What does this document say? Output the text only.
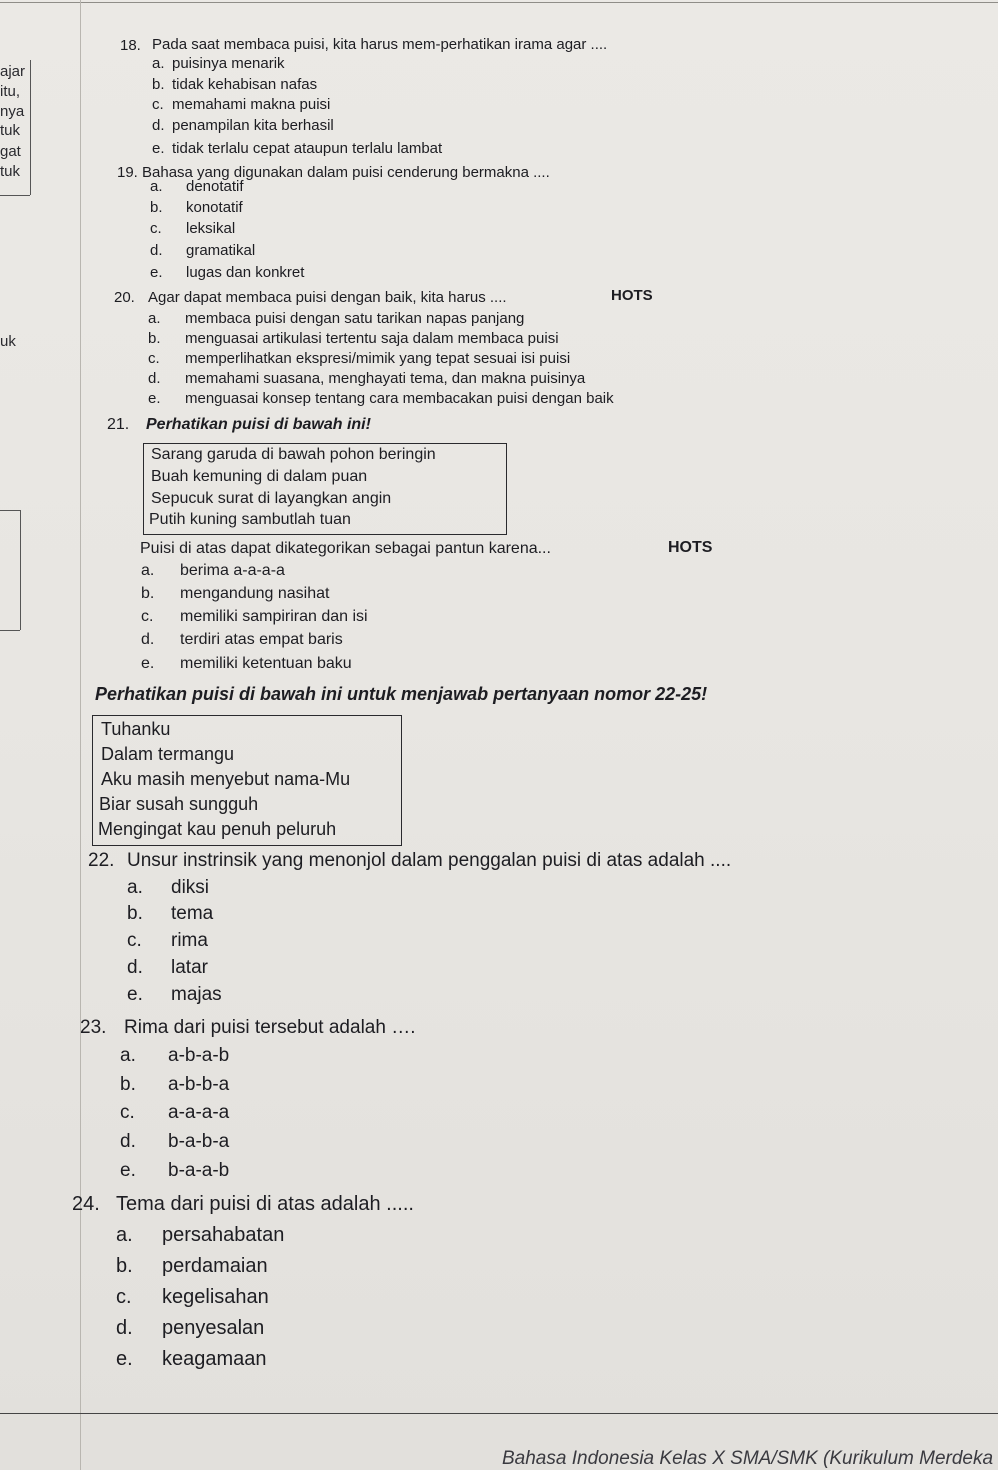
ajar
itu,
nya
tuk
gat
tuk
uk
18. Pada saat membaca puisi, kita harus mem-perhatikan irama agar ....
a. puisinya menarik
b. tidak kehabisan nafas
c. memahami makna puisi
d. penampilan kita berhasil
e. tidak terlalu cepat ataupun terlalu lambat
19. Bahasa yang digunakan dalam puisi cenderung bermakna ....
a. denotatif
b. konotatif
c. leksikal
d. gramatikal
e. lugas dan konkret
20. Agar dapat membaca puisi dengan baik, kita harus ....	HOTS
a. membaca puisi dengan satu tarikan napas panjang
b. menguasai artikulasi tertentu saja dalam membaca puisi
c. memperlihatkan ekspresi/mimik yang tepat sesuai isi puisi
d. memahami suasana, menghayati tema, dan makna puisinya
e. menguasai konsep tentang cara membacakan puisi dengan baik
21. Perhatikan puisi di bawah ini!
Sarang garuda di bawah pohon beringin
Buah kemuning di dalam puan
Sepucuk surat di layangkan angin
Putih kuning sambutlah tuan
Puisi di atas dapat dikategorikan sebagai pantun karena...	HOTS
a. berima a-a-a-a
b. mengandung nasihat
c. memiliki sampiriran dan isi
d. terdiri atas empat baris
e. memiliki ketentuan baku
Perhatikan puisi di bawah ini untuk menjawab pertanyaan nomor 22-25!
Tuhanku
Dalam termangu
Aku masih menyebut nama-Mu
Biar susah sungguh
Mengingat kau penuh peluruh
22. Unsur instrinsik yang menonjol dalam penggalan puisi di atas adalah ....
a. diksi
b. tema
c. rima
d. latar
e. majas
23. Rima dari puisi tersebut adalah ….
a. a-b-a-b
b. a-b-b-a
c. a-a-a-a
d. b-a-b-a
e. b-a-a-b
24. Tema dari puisi di atas adalah .....
a. persahabatan
b. perdamaian
c. kegelisahan
d. penyesalan
e. keagamaan
Bahasa Indonesia Kelas X SMA/SMK (Kurikulum Merdeka
